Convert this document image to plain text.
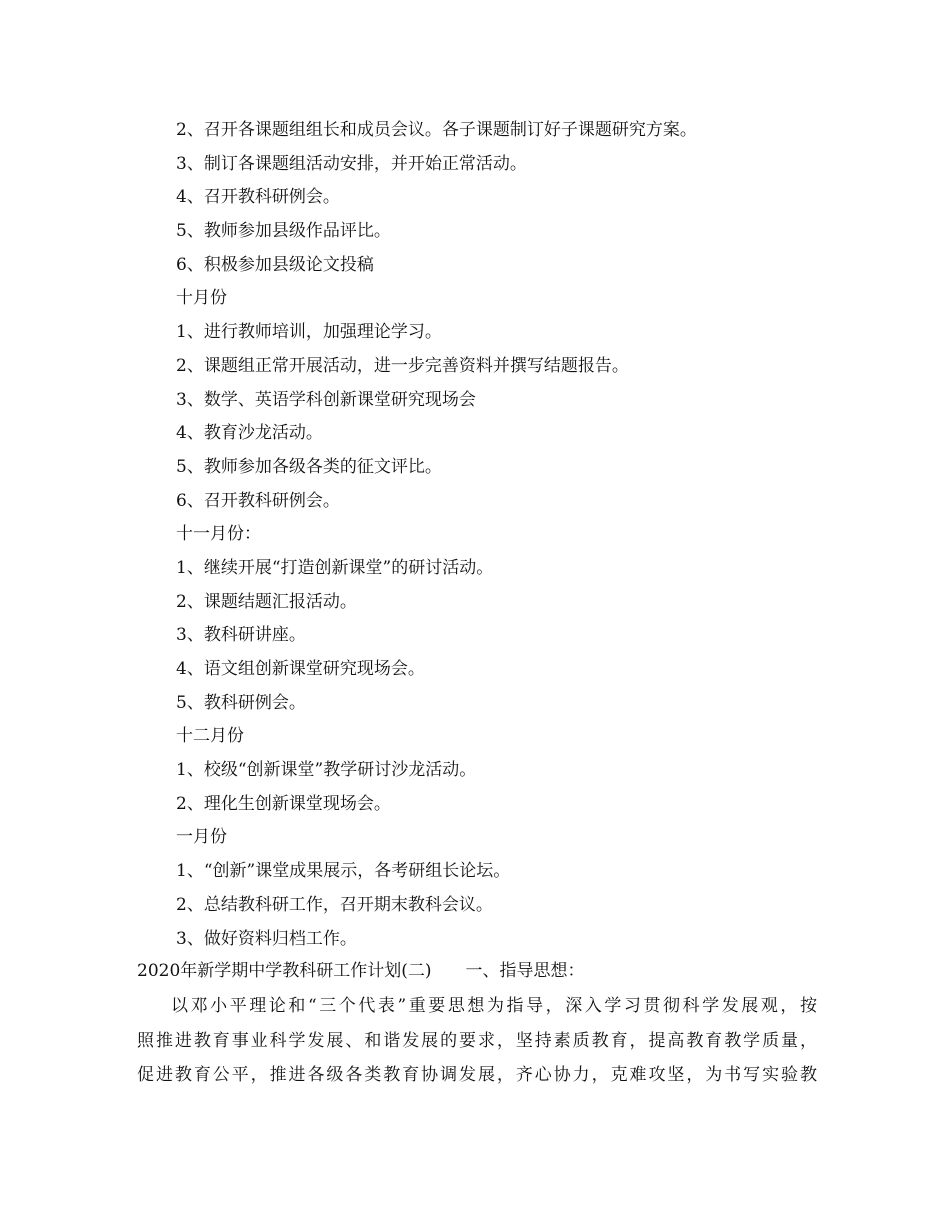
2、召开各课题组组长和成员会议。各子课题制订好子课题研究方案。
3、制订各课题组活动安排，并开始正常活动。
4、召开教科研例会。
5、教师参加县级作品评比。
6、积极参加县级论文投稿
十月份
1、进行教师培训，加强理论学习。
2、课题组正常开展活动，进一步完善资料并撰写结题报告。
3、数学、英语学科创新课堂研究现场会
4、教育沙龙活动。
5、教师参加各级各类的征文评比。
6、召开教科研例会。
十一月份：
1、继续开展“打造创新课堂”的研讨活动。
2、课题结题汇报活动。
3、教科研讲座。
4、语文组创新课堂研究现场会。
5、教科研例会。
十二月份
1、校级“创新课堂”教学研讨沙龙活动。
2、理化生创新课堂现场会。
一月份
1、“创新”课堂成果展示，各考研组长论坛。
2、总结教科研工作，召开期末教科会议。
3、做好资料归档工作。
2020年新学期中学教科研工作计划(二) 一、指导思想：
以邓小平理论和“三个代表”重要思想为指导，深入学习贯彻科学发展观，按
照推进教育事业科学发展、和谐发展的要求，坚持素质教育，提高教育教学质量，
促进教育公平，推进各级各类教育协调发展，齐心协力，克难攻坚，为书写实验教
